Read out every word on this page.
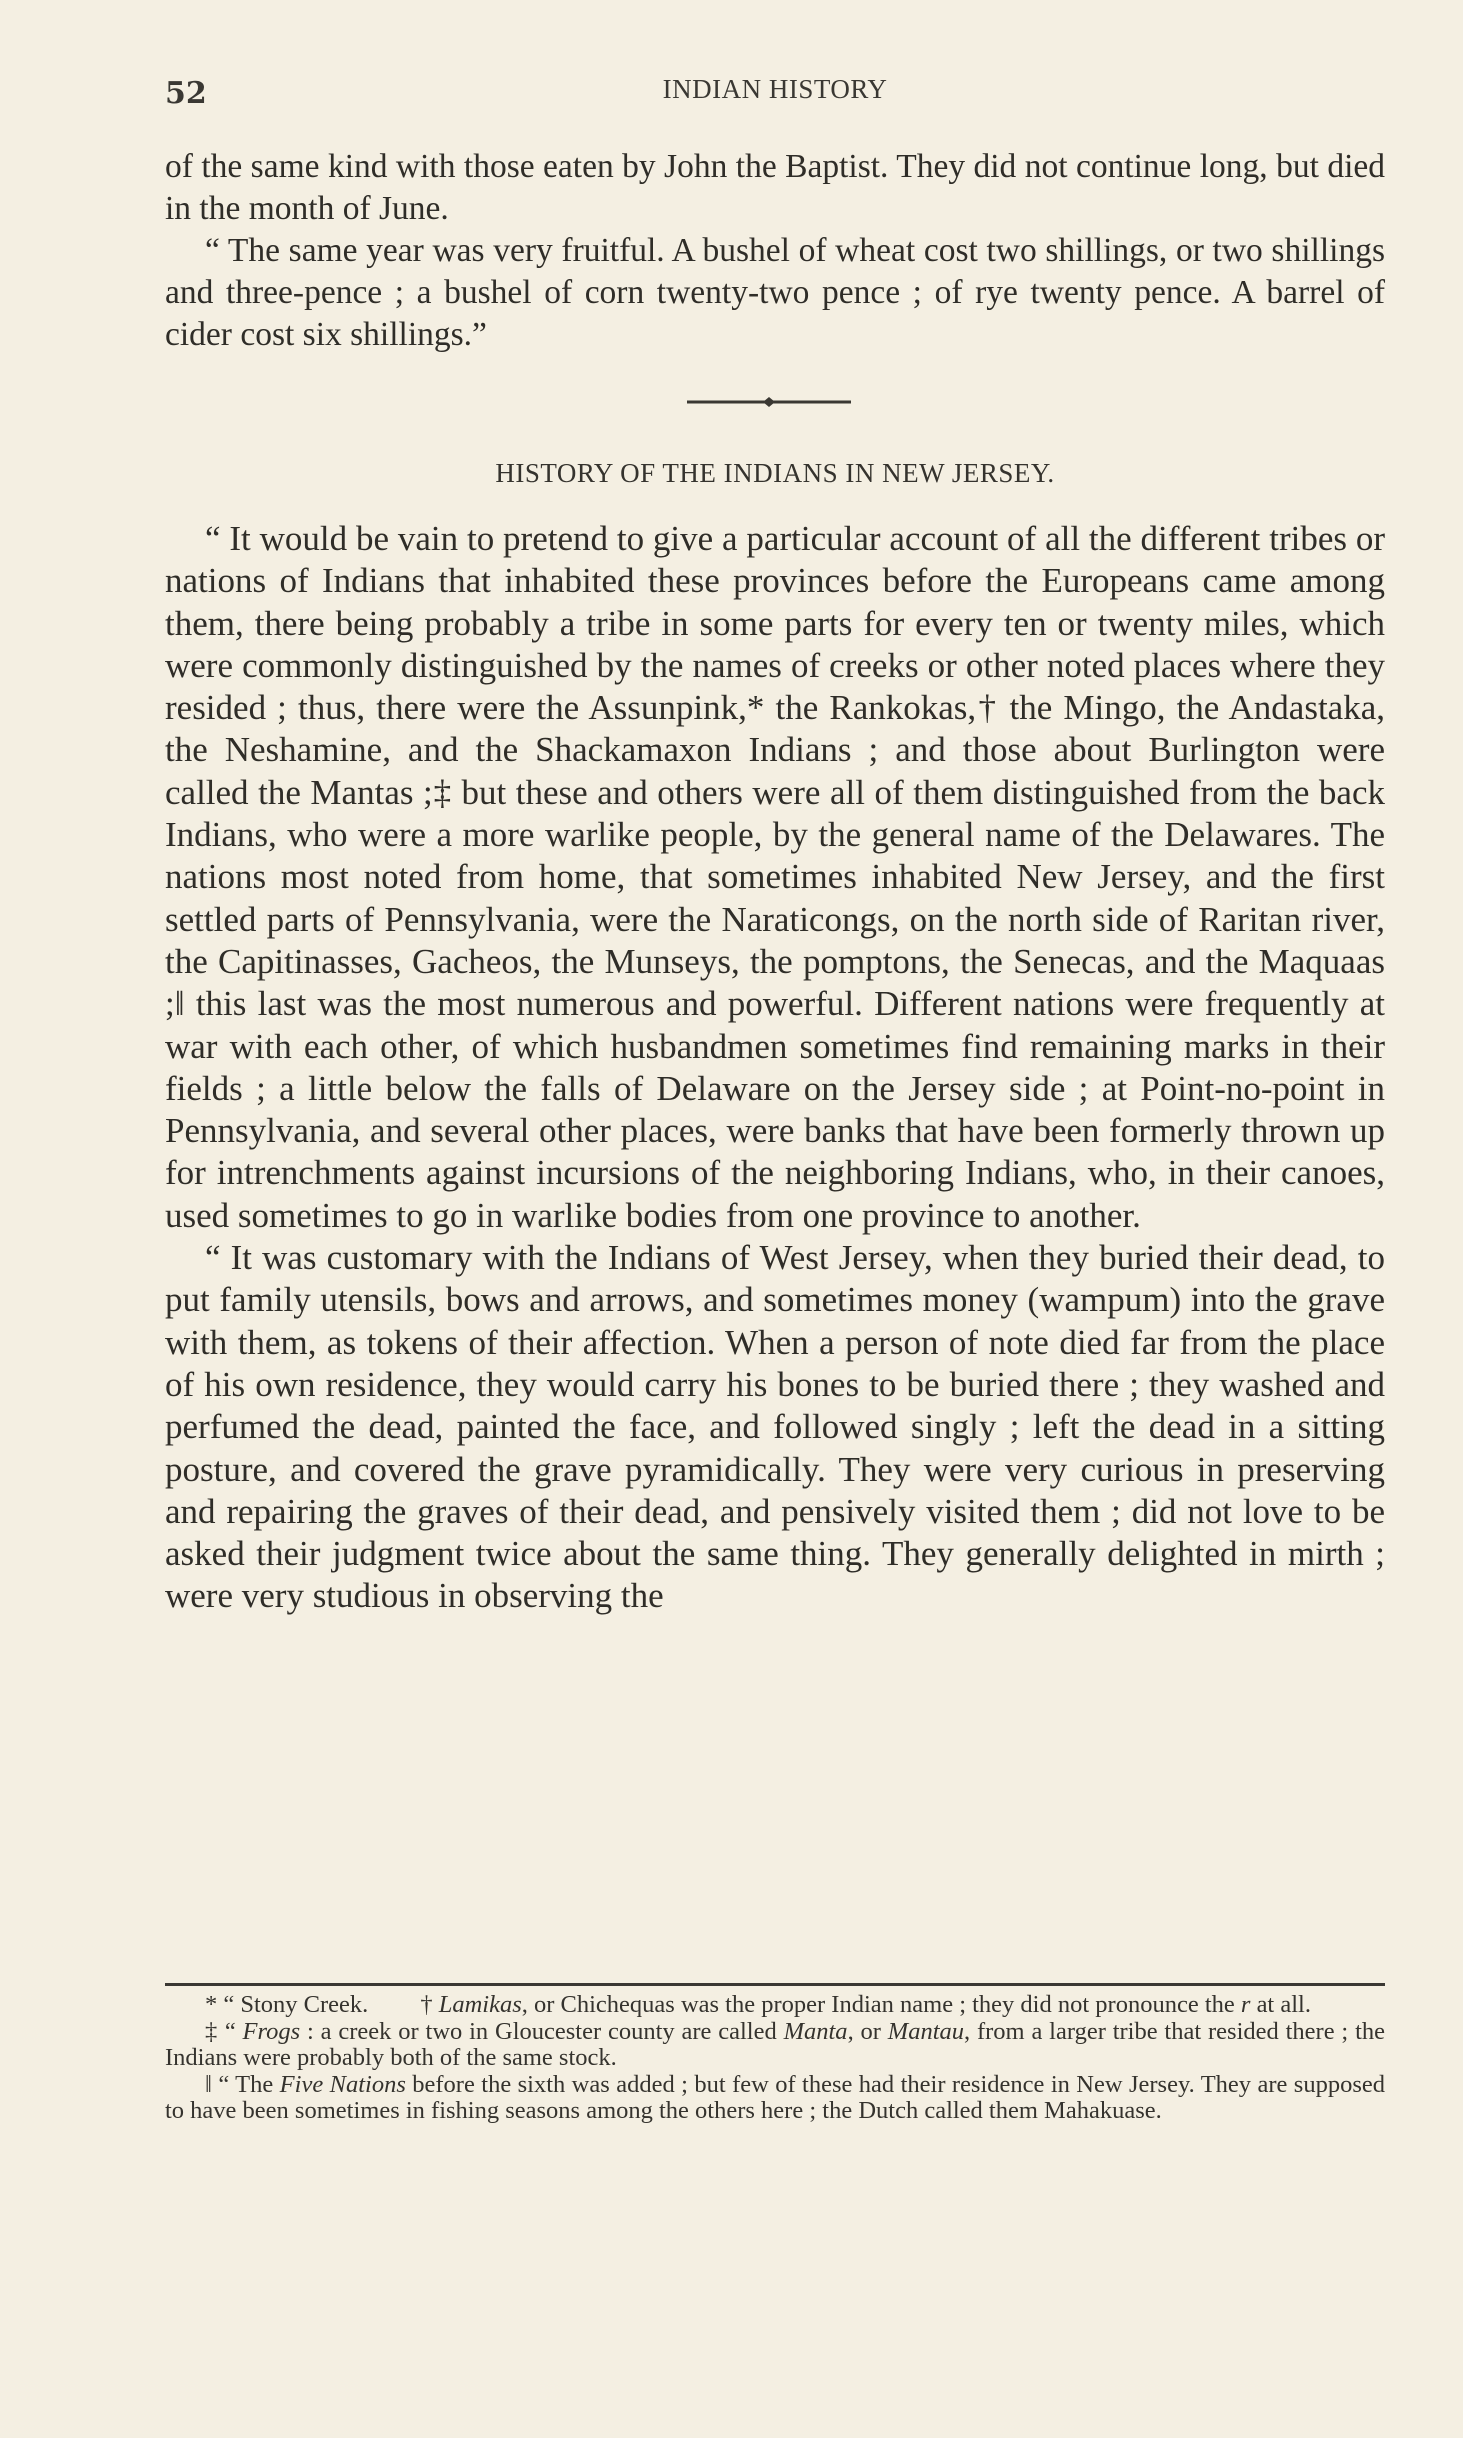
52	INDIAN HISTORY

of the same kind with those eaten by John the Baptist. They did not continue long, but died in the month of June.

“ The same year was very fruitful. A bushel of wheat cost two shillings, or two shillings and three-pence ; a bushel of corn twenty-two pence ; of rye twenty pence. A barrel of cider cost six shillings.”

HISTORY OF THE INDIANS IN NEW JERSEY.

“ It would be vain to pretend to give a particular account of all the different tribes or nations of Indians that inhabited these provinces before the Europeans came among them, there being probably a tribe in some parts for every ten or twenty miles, which were commonly distinguished by the names of creeks or other noted places where they resided ; thus, there were the Assunpink,* the Rankokas,† the Mingo, the Andastaka, the Neshamine, and the Shackamaxon Indians ; and those about Burlington were called the Mantas ;‡ but these and others were all of them distinguished from the back Indians, who were a more warlike people, by the general name of the Delawares. The nations most noted from home, that sometimes inhabited New Jersey, and the first settled parts of Pennsylvania, were the Naraticongs, on the north side of Raritan river, the Capitinasses, Gacheos, the Munseys, the pomptons, the Senecas, and the Maquaas ;‖ this last was the most numerous and powerful. Different nations were frequently at war with each other, of which husbandmen sometimes find remaining marks in their fields ; a little below the falls of Delaware on the Jersey side ; at Point-no-point in Pennsylvania, and several other places, were banks that have been formerly thrown up for intrenchments against incursions of the neighboring Indians, who, in their canoes, used sometimes to go in warlike bodies from one province to another.

“ It was customary with the Indians of West Jersey, when they buried their dead, to put family utensils, bows and arrows, and sometimes money (wampum) into the grave with them, as tokens of their affection. When a person of note died far from the place of his own residence, they would carry his bones to be buried there ; they washed and perfumed the dead, painted the face, and followed singly ; left the dead in a sitting posture, and covered the grave pyramidically. They were very curious in preserving and repairing the graves of their dead, and pensively visited them ; did not love to be asked their judgment twice about the same thing. They generally delighted in mirth ; were very studious in observing the

* “ Stony Creek. † Lamikas, or Chichequas was the proper Indian name ; they did not pronounce the r at all.

‡ “ Frogs : a creek or two in Gloucester county are called Manta, or Mantau, from a larger tribe that resided there ; the Indians were probably both of the same stock.

‖ “ The Five Nations before the sixth was added ; but few of these had their residence in New Jersey. They are supposed to have been sometimes in fishing seasons among the others here ; the Dutch called them Mahakuase.
